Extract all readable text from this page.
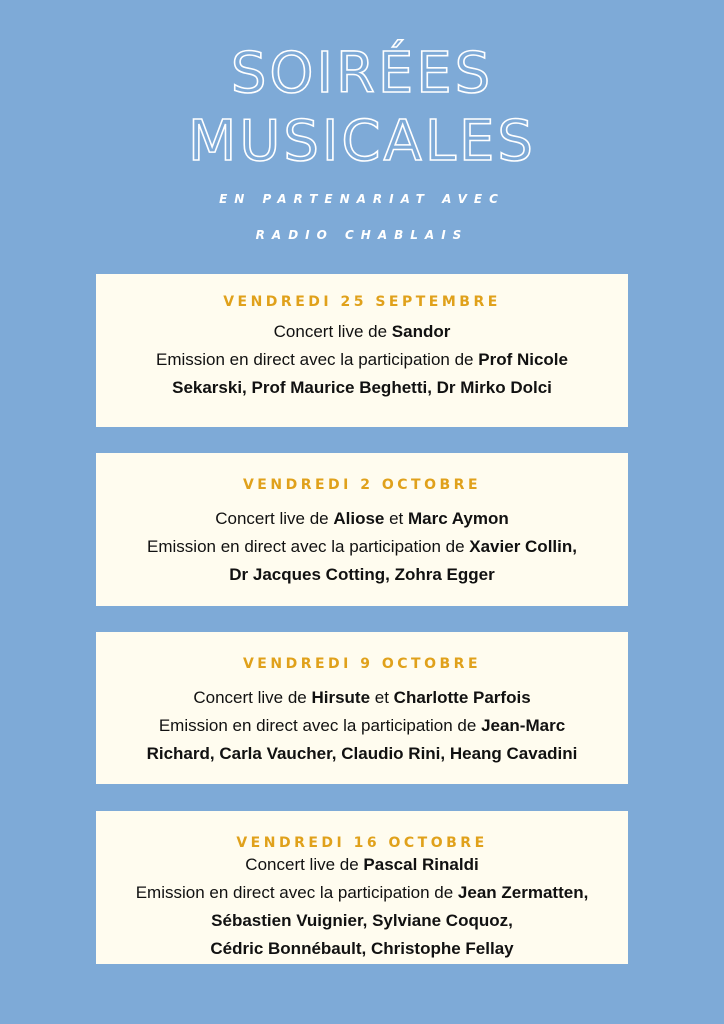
SOIRÉES
MUSICALES
EN PARTENARIAT AVEC
RADIO CHABLAIS
VENDREDI 25 SEPTEMBRE
Concert live de Sandor
Emission en direct avec la participation de Prof Nicole
Sekarski, Prof Maurice Beghetti, Dr Mirko Dolci
VENDREDI 2 OCTOBRE
Concert live de Aliose et Marc Aymon
Emission en direct avec la participation de Xavier Collin,
Dr Jacques Cotting, Zohra Egger
VENDREDI 9 OCTOBRE
Concert live de Hirsute et Charlotte Parfois
Emission en direct avec la participation de Jean-Marc
Richard, Carla Vaucher, Claudio Rini, Heang Cavadini
VENDREDI 16 OCTOBRE
Concert live de Pascal Rinaldi
Emission en direct avec la participation de Jean Zermatten,
Sébastien Vuignier, Sylviane Coquoz,
Cédric Bonnébault, Christophe Fellay
